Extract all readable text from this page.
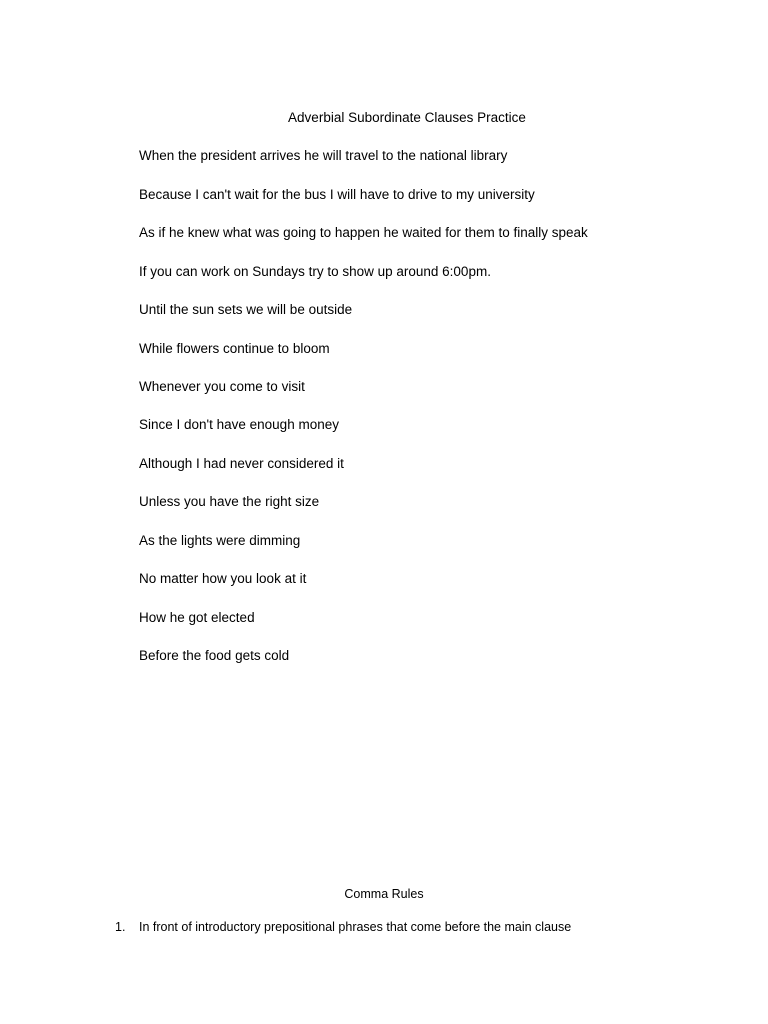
Adverbial Subordinate Clauses Practice
When the president arrives he will travel to the national library
Because I can't wait for the bus I will have to drive to my university
As if he knew what was going to happen he waited for them to finally speak
If you can work on Sundays try to show up around 6:00pm.
Until the sun sets we will be outside
While flowers continue to bloom
Whenever you come to visit
Since I don't have enough money
Although I had never considered it
Unless you have the right size
As the lights were dimming
No matter how you look at it
How he got elected
Before the food gets cold
Comma Rules
1. In front of introductory prepositional phrases that come before the main clause
